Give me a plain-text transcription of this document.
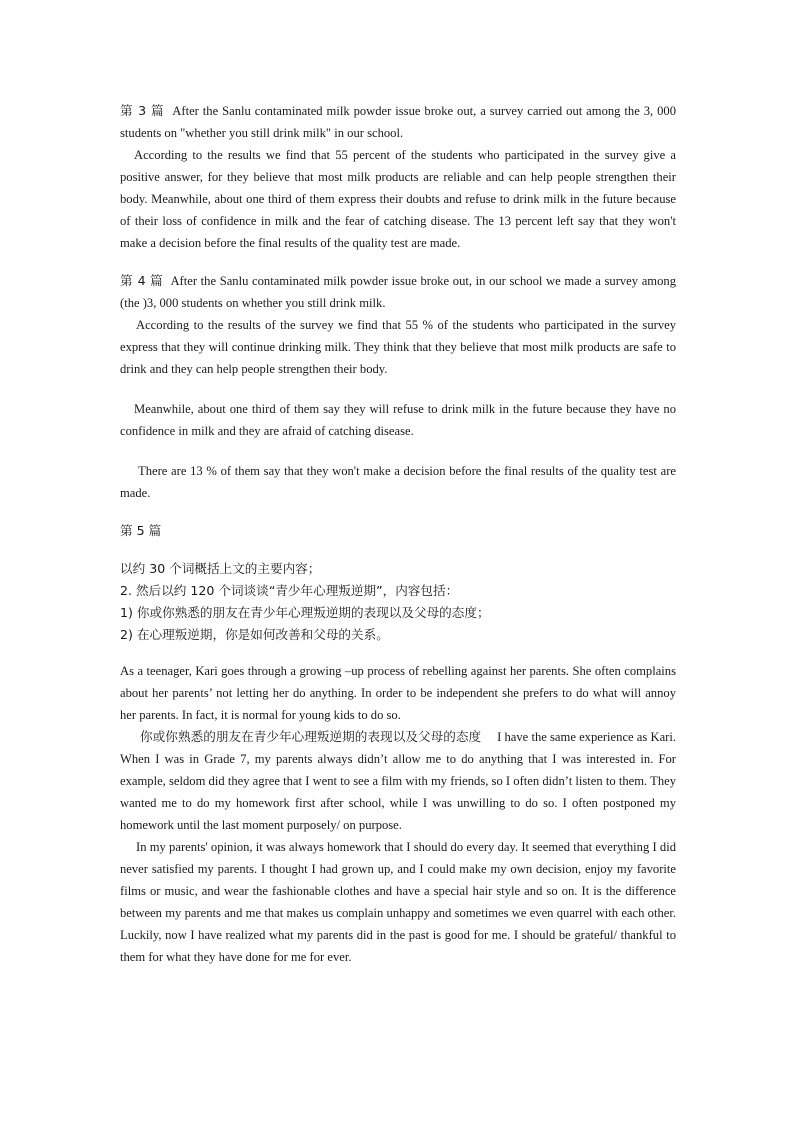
第 3 篇 After the Sanlu contaminated milk powder issue broke out, a survey carried out among the 3, 000 students on "whether you still drink milk" in our school.

According to the results we find that 55 percent of the students who participated in the survey give a positive answer, for they believe that most milk products are reliable and can help people strengthen their body. Meanwhile, about one third of them express their doubts and refuse to drink milk in the future because of their loss of confidence in milk and the fear of catching disease. The 13 percent left say that they won't make a decision before the final results of the quality test are made.

第 4 篇 After the Sanlu contaminated milk powder issue broke out, in our school we made a survey among (the )3, 000 students on whether you still drink milk.

According to the results of the survey we find that 55 % of the students who participated in the survey express that they will continue drinking milk. They think that they believe that most milk products are safe to drink and they can help people strengthen their body.

Meanwhile, about one third of them say they will refuse to drink milk in the future because they have no confidence in milk and they are afraid of catching disease.

There are 13 % of them say that they won't make a decision before the final results of the quality test are made.

第 5 篇

以约 30 个词概括上文的主要内容；

2. 然后以约 120 个词谈谈“青少年心理叛逆期”，内容包括：

1) 你或你熟悉的朋友在青少年心理叛逆期的表现以及父母的态度；

2) 在心理叛逆期，你是如何改善和父母的关系。

As a teenager, Kari goes through a growing –up process of rebelling against her parents. She often complains about her parents’ not letting her do anything. In order to be independent she prefers to do what will annoy her parents. In fact, it is normal for young kids to do so.

你或你熟悉的朋友在青少年心理叛逆期的表现以及父母的态度 I have the same experience as Kari. When I was in Grade 7, my parents always didn’t allow me to do anything that I was interested in. For example, seldom did they agree that I went to see a film with my friends, so I often didn’t listen to them. They wanted me to do my homework first after school, while I was unwilling to do so. I often postponed my homework until the last moment purposely/ on purpose.

In my parents' opinion, it was always homework that I should do every day. It seemed that everything I did never satisfied my parents. I thought I had grown up, and I could make my own decision, enjoy my favorite films or music, and wear the fashionable clothes and have a special hair style and so on. It is the difference between my parents and me that makes us complain unhappy and sometimes we even quarrel with each other. Luckily, now I have realized what my parents did in the past is good for me. I should be grateful/ thankful to them for what they have done for me for ever.
